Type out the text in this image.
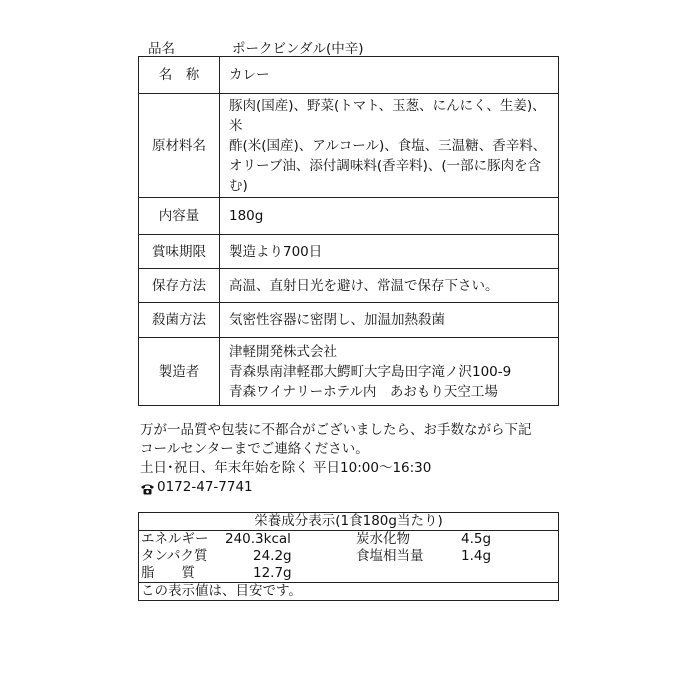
品名	ポークビンダル(中辛)
名　称	カレー

原材料名	豚肉(国産)、野菜(トマト、玉葱、にんにく、生姜)、米
酢(米(国産)、アルコール)、食塩、三温糖、香辛料、
オリーブ油、添付調味料(香辛料)、(一部に豚肉を含
む)

内容量	180g

賞味期限	製造より700日

保存方法	高温、直射日光を避け、常温で保存下さい。

殺菌方法	気密性容器に密閉し、加温加熱殺菌

製造者	津軽開発株式会社
青森県南津軽郡大鰐町大字島田字滝ノ沢100-9
青森ワイナリーホテル内　あおもり天空工場
万が一品質や包装に不都合がございましたら、お手数ながら下記
コールセンターまでご連絡ください。
土日･祝日、年末年始を除く 平日10:00～16:30
0172-47-7741
栄養成分表示(1食180g当たり)

エネルギー 240.3kcal	炭水化物	4.5g

タンパク質	24.2g	食塩相当量	1.4g

脂　　質	12.7g

この表示値は、目安です。
